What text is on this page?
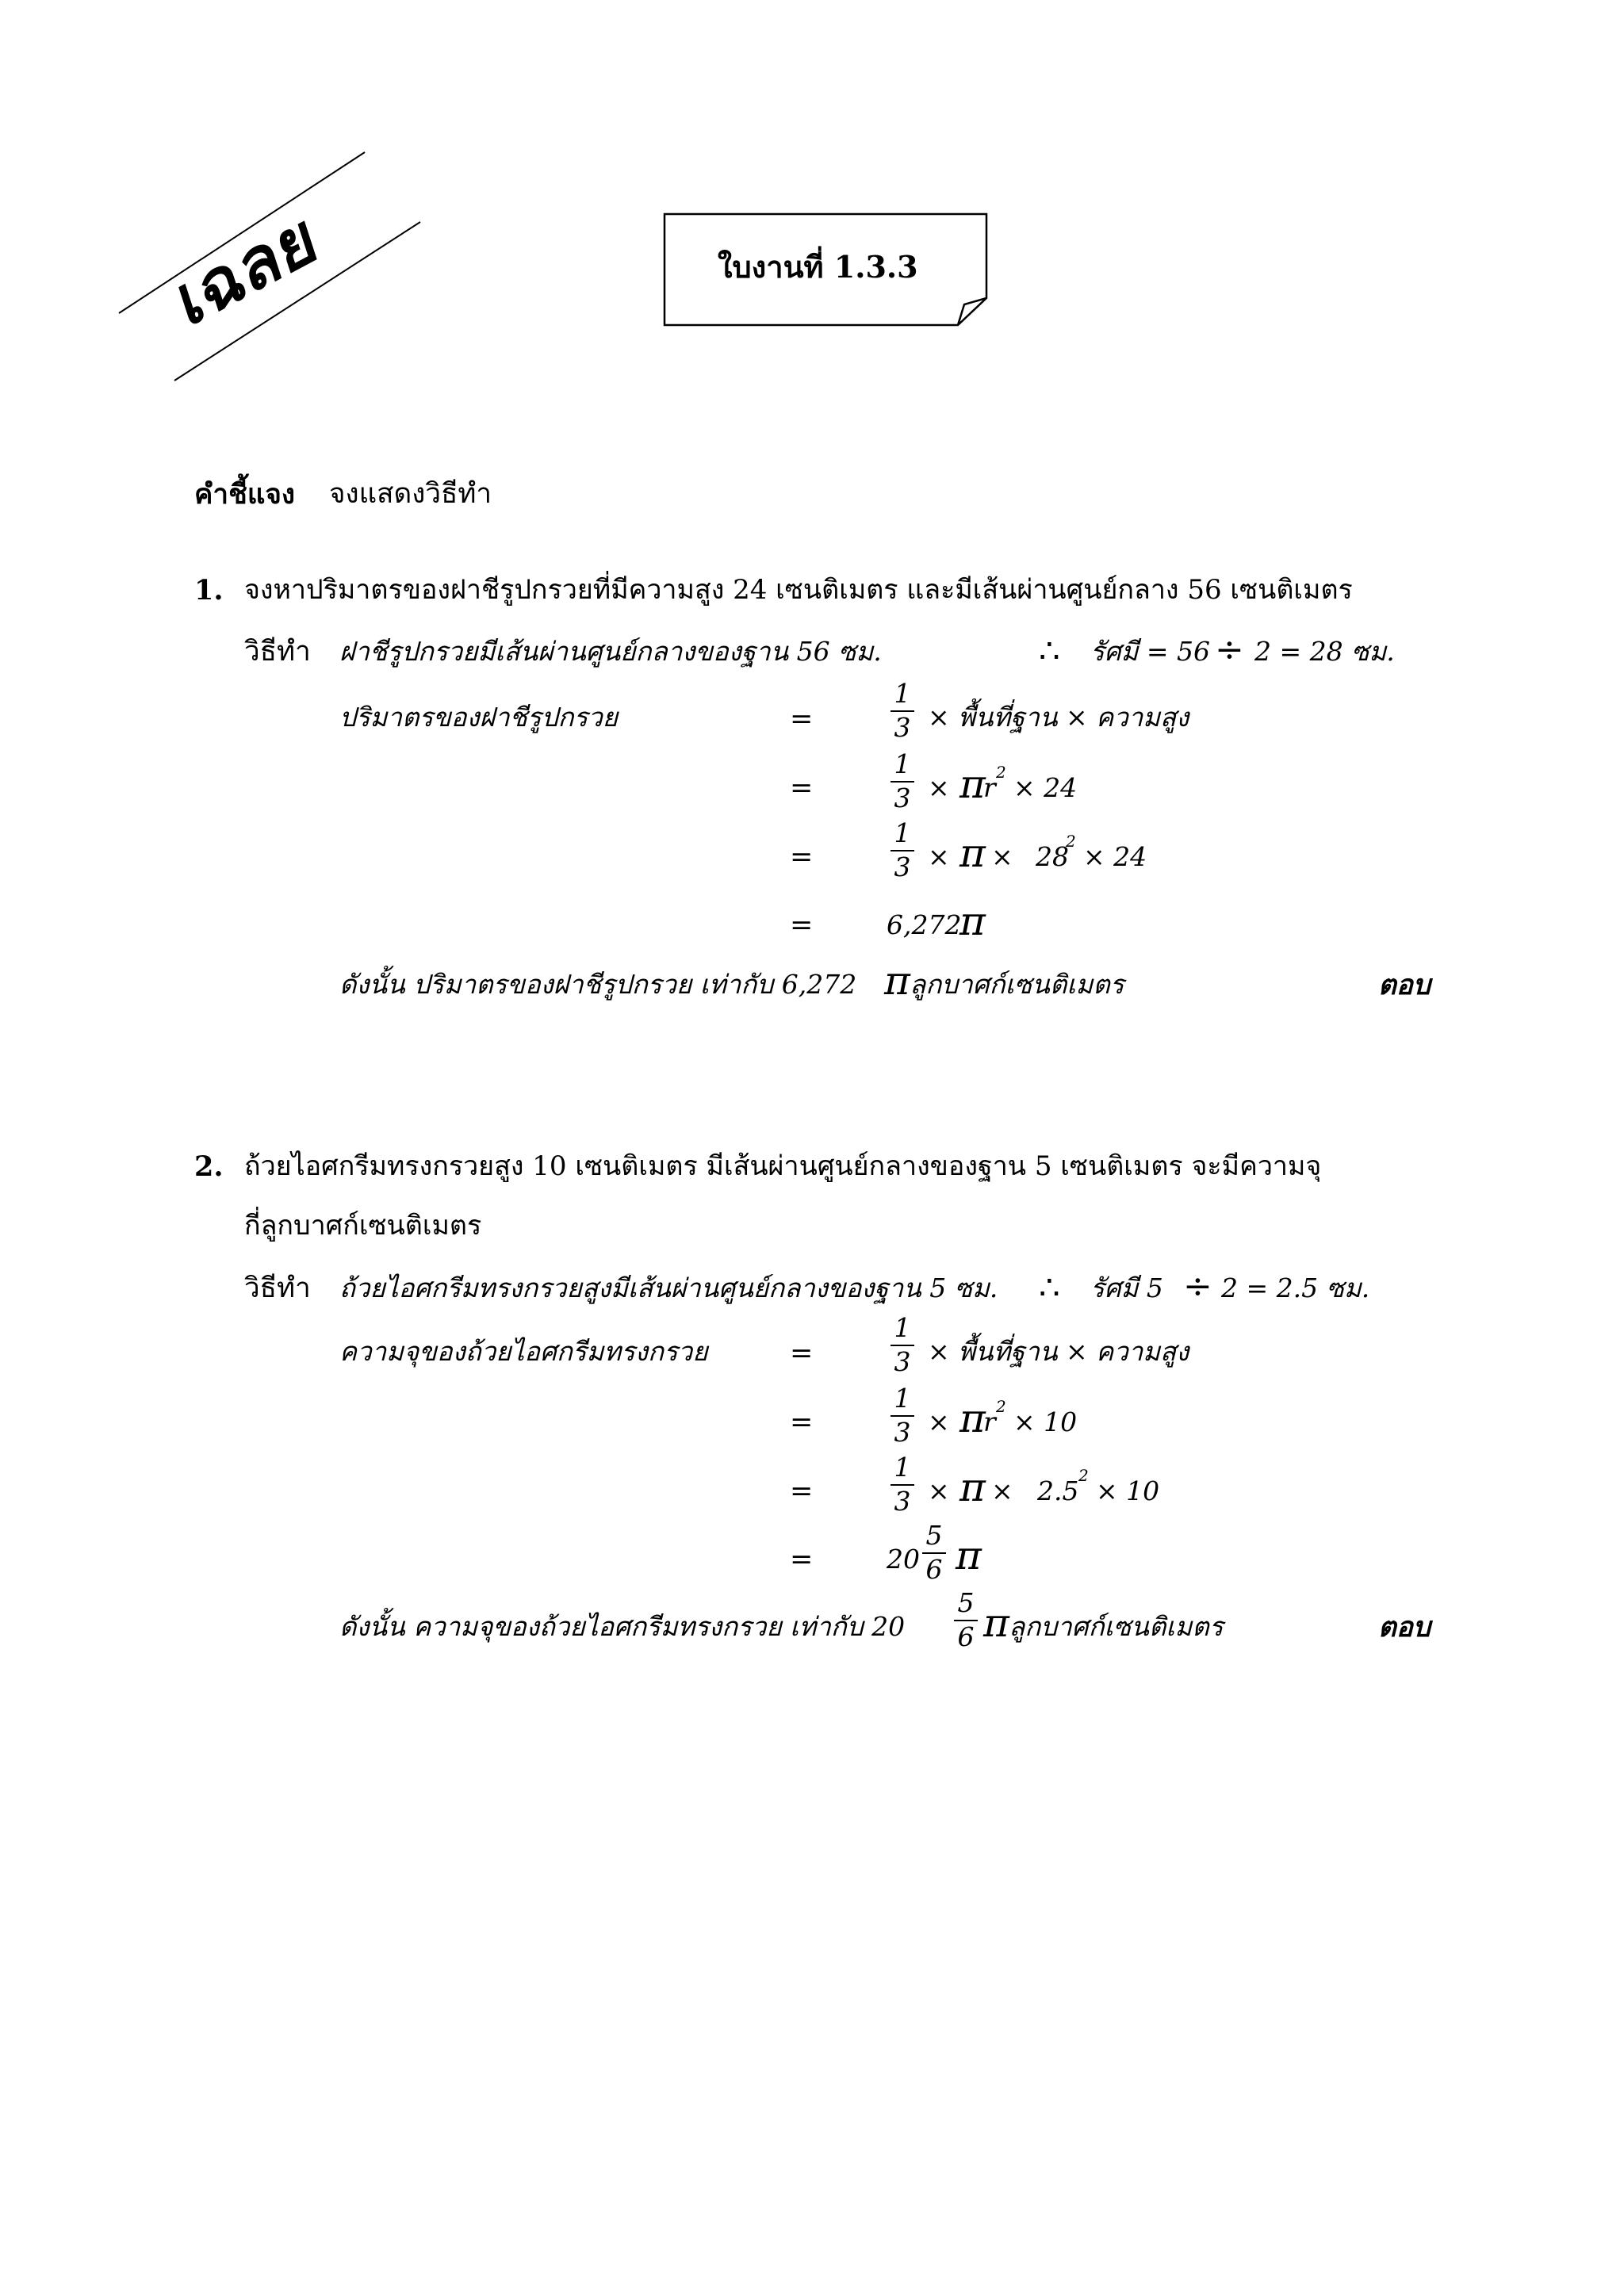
เฉลย	ใบงานที่ 1.3.3
คำชี้แจง จงแสดงวิธีทำ
1. จงหาปริมาตรของฝาชีรูปกรวยที่มีความสูง 24 เซนติเมตร และมีเส้นผ่านศูนย์กลาง 56 เซนติเมตร
วิธีทำ ฝาชีรูปกรวยมีเส้นผ่านศูนย์กลางของฐาน 56 ซม.	∴ รัศมี = 56 ÷ 2 = 28 ซม.
ปริมาตรของฝาชีรูปกรวย	=
1
3 × พื้นที่ฐาน × ความสูง
=
1
3 × π
r 2 × 24
=
1
3 × π × 28
2 × 24
=	6,272
π
ดังนั้น ปริมาตรของฝาชีรูปกรวย เท่ากับ 6,272 π ลูกบาศก์เซนติเมตร	ตอบ
2. ถ้วยไอศกรีมทรงกรวยสูง 10 เซนติเมตร มีเส้นผ่านศูนย์กลางของฐาน 5 เซนติเมตร จะมีความจุ
กี่ลูกบาศก์เซนติเมตร
วิธีทำ ถ้วยไอศกรีมทรงกรวยสูงมีเส้นผ่านศูนย์กลางของฐาน 5 ซม. ∴ รัศมี 5 ÷ 2 = 2.5 ซม.
ความจุของถ้วยไอศกรีมทรงกรวย	=
1
3 × พื้นที่ฐาน × ความสูง
=
1
3 × π
r 2 × 10
=
1
3 × π × 2.5 2 × 10
=	20
5
6 π
ดังนั้น ความจุของถ้วยไอศกรีมทรงกรวย เท่ากับ 20
5
6 π ลูกบาศก์เซนติเมตร	ตอบ
